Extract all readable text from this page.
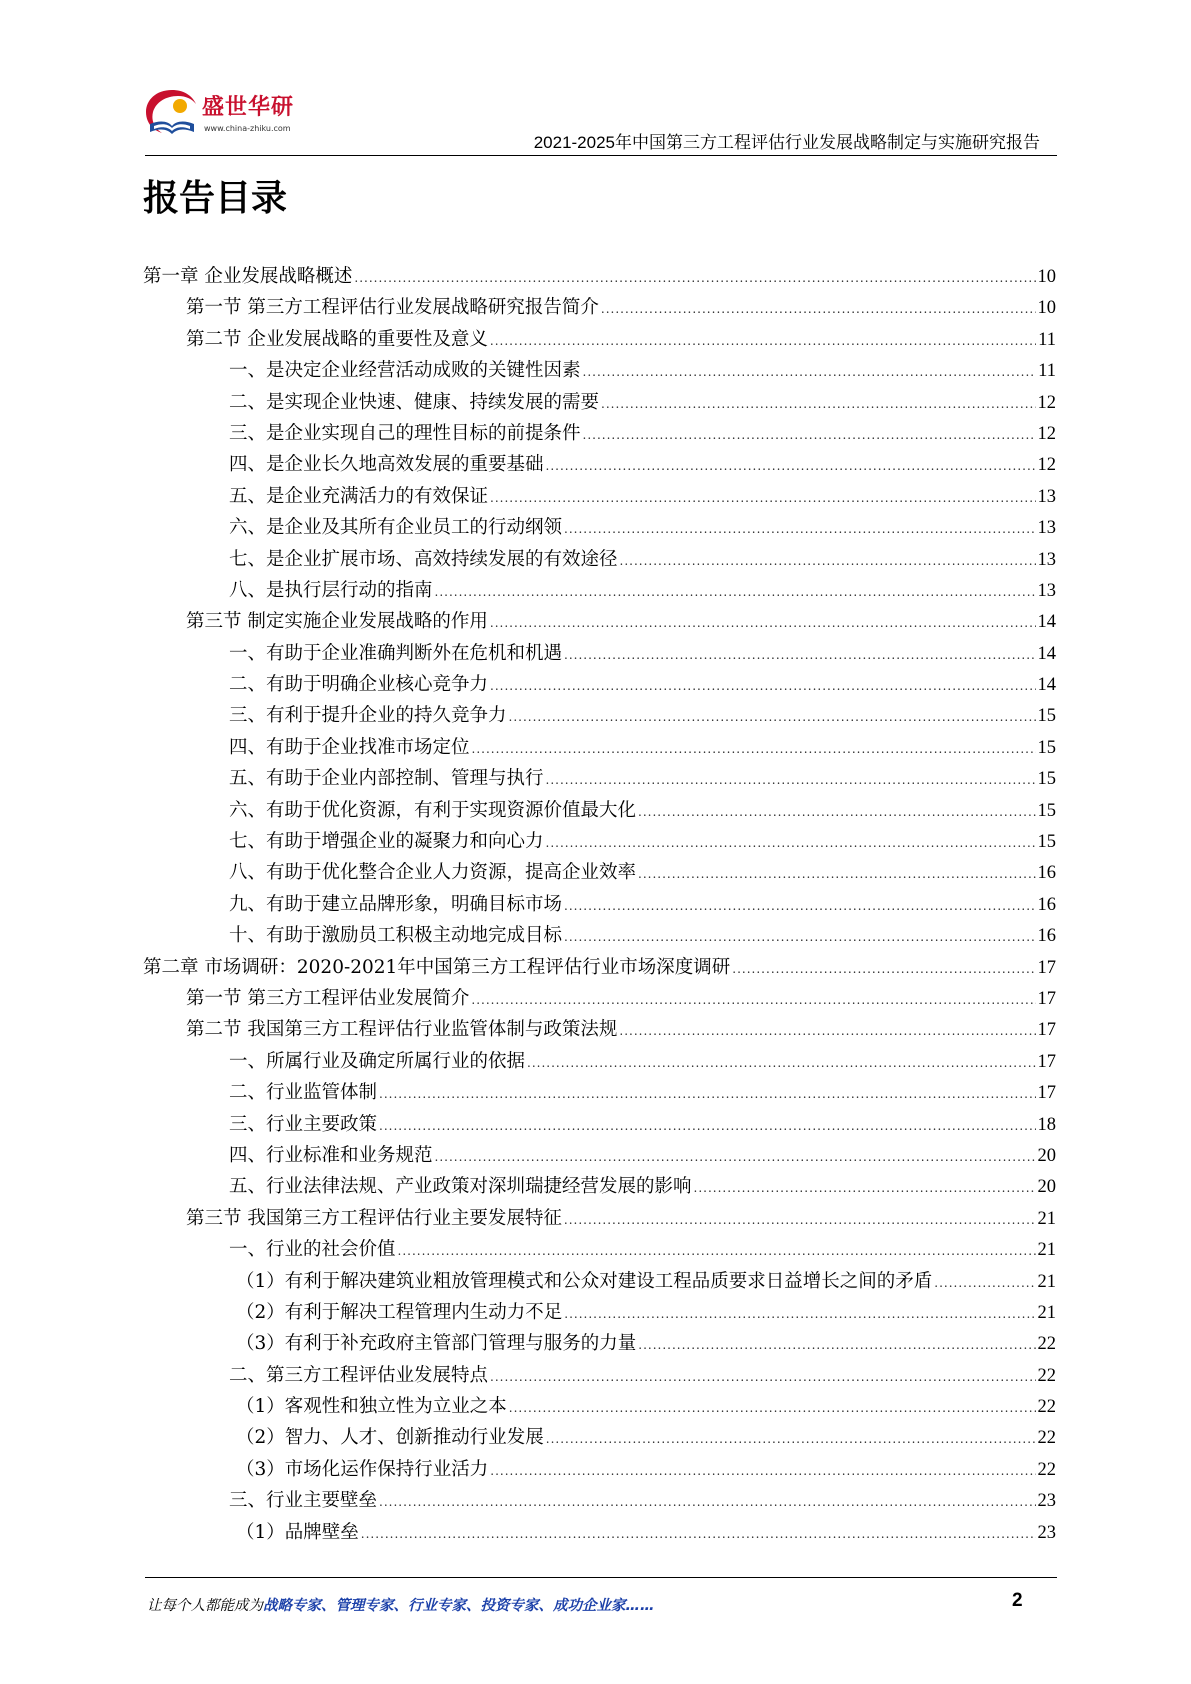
盛世华研
www.china-zhiku.com
2021-2025年中国第三方工程评估行业发展战略制定与实施研究报告
报告目录
第一章 企业发展战略概述 .....	10
第一节 第三方工程评估行业发展战略研究报告简介 .....	10
第二节 企业发展战略的重要性及意义 .....	11
一、是决定企业经营活动成败的关键性因素 .....	11
二、是实现企业快速、健康、持续发展的需要 .....	12
三、是企业实现自己的理性目标的前提条件 .....	12
四、是企业长久地高效发展的重要基础 .....	12
五、是企业充满活力的有效保证 .....	13
六、是企业及其所有企业员工的行动纲领 .....	13
七、是企业扩展市场、高效持续发展的有效途径 .....	13
八、是执行层行动的指南 .....	13
第三节 制定实施企业发展战略的作用 .....	14
一、有助于企业准确判断外在危机和机遇 .....	14
二、有助于明确企业核心竞争力 .....	14
三、有利于提升企业的持久竞争力 .....	15
四、有助于企业找准市场定位 .....	15
五、有助于企业内部控制、管理与执行 .....	15
六、有助于优化资源，有利于实现资源价值最大化 .....	15
七、有助于增强企业的凝聚力和向心力 .....	15
八、有助于优化整合企业人力资源，提高企业效率 .....	16
九、有助于建立品牌形象，明确目标市场 .....	16
十、有助于激励员工积极主动地完成目标 .....	16
第二章 市场调研：2020-2021年中国第三方工程评估行业市场深度调研 .....	17
第一节 第三方工程评估业发展简介 .....	17
第二节 我国第三方工程评估行业监管体制与政策法规 .....	17
一、所属行业及确定所属行业的依据 .....	17
二、行业监管体制 .....	17
三、行业主要政策 .....	18
四、行业标准和业务规范 .....	20
五、行业法律法规、产业政策对深圳瑞捷经营发展的影响 .....	20
第三节 我国第三方工程评估行业主要发展特征 .....	21
一、行业的社会价值 .....	21
（1）有利于解决建筑业粗放管理模式和公众对建设工程品质要求日益增长之间的矛盾 .....	21
（2）有利于解决工程管理内生动力不足 .....	21
（3）有利于补充政府主管部门管理与服务的力量 .....	22
二、第三方工程评估业发展特点 .....	22
（1）客观性和独立性为立业之本 .....	22
（2）智力、人才、创新推动行业发展 .....	22
（3）市场化运作保持行业活力 .....	22
三、行业主要壁垒 .....	23
（1）品牌壁垒 .....	23
让每个人都能成为战略专家、管理专家、行业专家、投资专家、成功企业家……	2
